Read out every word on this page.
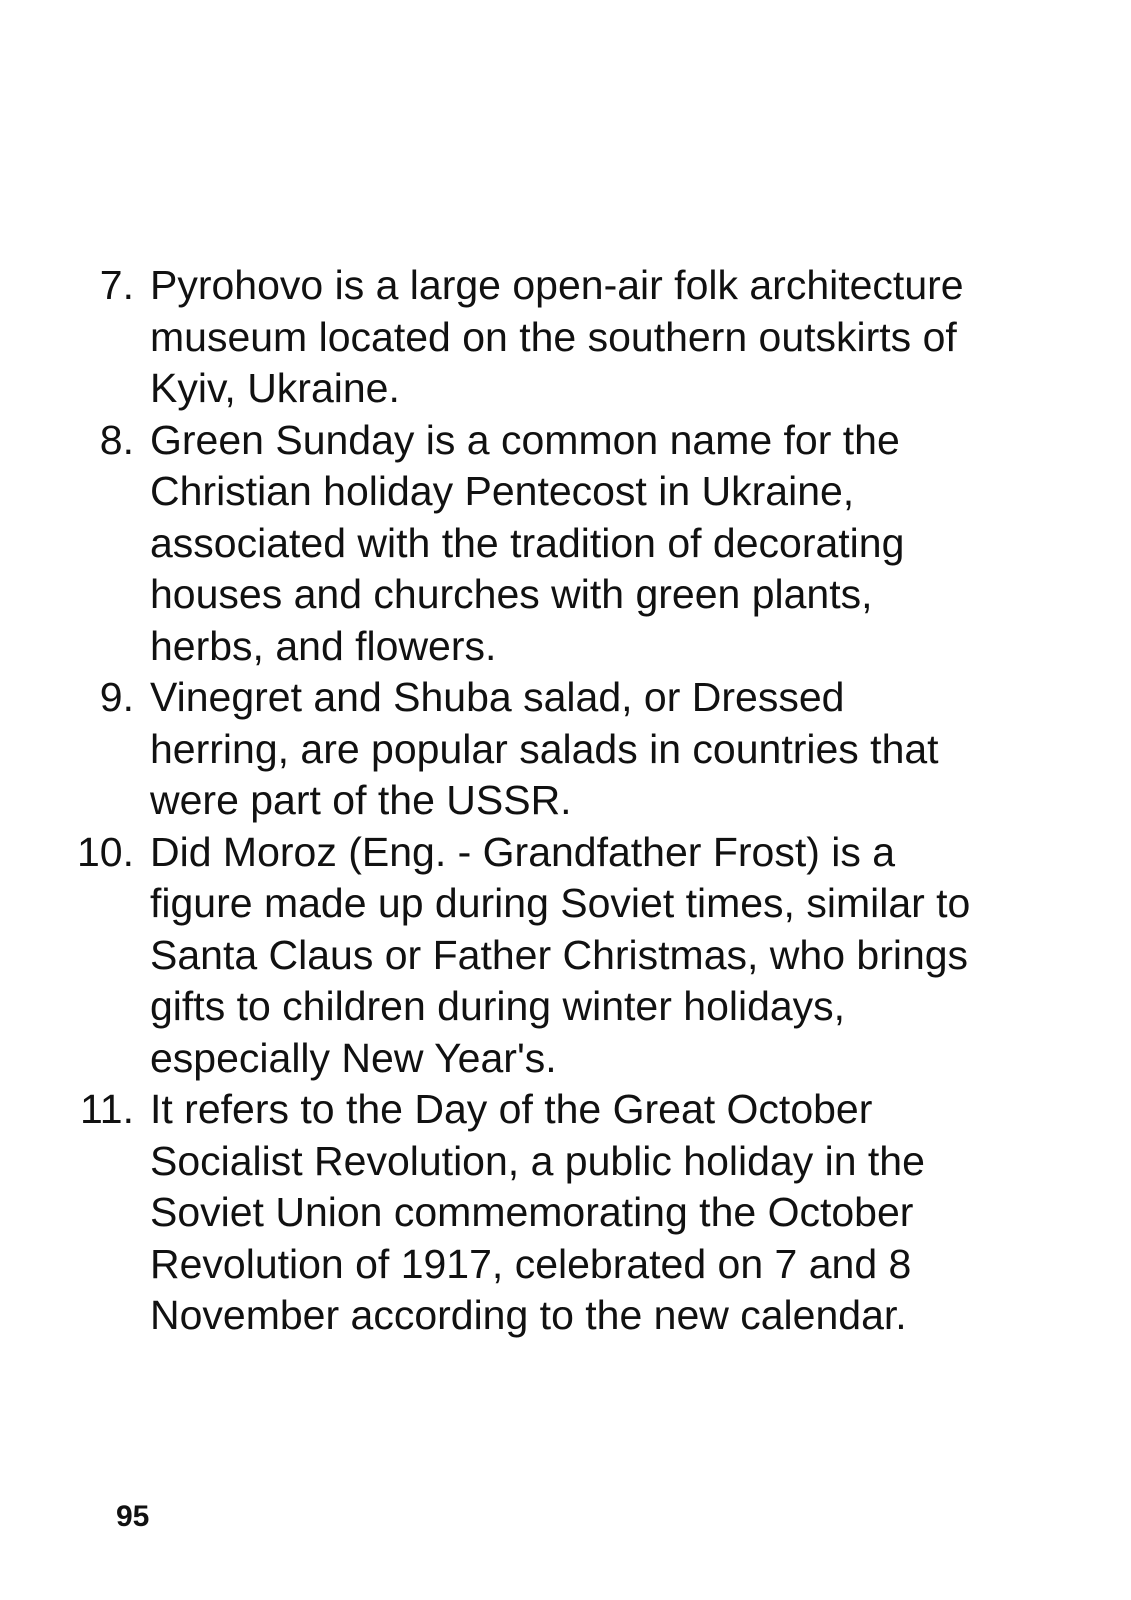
7. Pyrohovo is a large open-air folk architecture museum located on the southern outskirts of Kyiv, Ukraine.
8. Green Sunday is a common name for the Christian holiday Pentecost in Ukraine, associated with the tradition of decorating houses and churches with green plants, herbs, and flowers.
9. Vinegret and Shuba salad, or Dressed herring, are popular salads in countries that were part of the USSR.
10. Did Moroz (Eng. - Grandfather Frost) is a figure made up during Soviet times, similar to Santa Claus or Father Christmas, who brings gifts to children during winter holidays, especially New Year's.
11. It refers to the Day of the Great October Socialist Revolution, a public holiday in the Soviet Union commemorating the October Revolution of 1917, celebrated on 7 and 8 November according to the new calendar.
95
